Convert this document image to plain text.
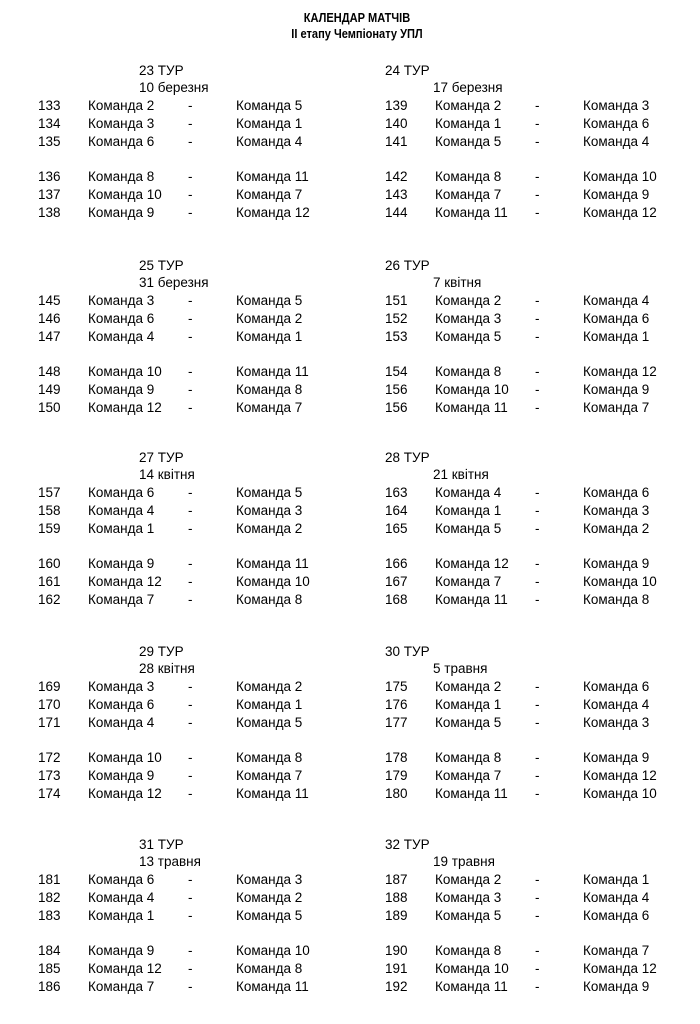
КАЛЕНДАР МАТЧІВ
ІІ етапу Чемпіонату УПЛ
23 ТУР
10 березня
133 Команда 2 -	Команда 5
134 Команда 3 -	Команда 1
135 Команда 6 -	Команда 4
136 Команда 8 -	Команда 11
137 Команда 10 -	Команда 7
138 Команда 9 -	Команда 12
24 ТУР
17 березня
139 Команда 2 -	Команда 3
140 Команда 1 -	Команда 6
141 Команда 5 -	Команда 4
142 Команда 8 -	Команда 10
143 Команда 7 -	Команда 9
144 Команда 11 -	Команда 12
25 ТУР
31 березня
145 Команда 3 -	Команда 5
146 Команда 6 -	Команда 2
147 Команда 4 -	Команда 1
148 Команда 10 -	Команда 11
149 Команда 9 -	Команда 8
150 Команда 12 -	Команда 7
26 ТУР
7 квітня
151 Команда 2 -	Команда 4
152 Команда 3 -	Команда 6
153 Команда 5 -	Команда 1
154 Команда 8 -	Команда 12
156 Команда 10 -	Команда 9
156 Команда 11 -	Команда 7
27 ТУР
14 квітня
157 Команда 6 -	Команда 5
158 Команда 4 -	Команда 3
159 Команда 1 -	Команда 2
160 Команда 9 -	Команда 11
161 Команда 12 -	Команда 10
162 Команда 7 -	Команда 8
28 ТУР
21 квітня
163 Команда 4 -	Команда 6
164 Команда 1 -	Команда 3
165 Команда 5 -	Команда 2
166 Команда 12 -	Команда 9
167 Команда 7 -	Команда 10
168 Команда 11 -	Команда 8
29 ТУР
28 квітня
169 Команда 3 -	Команда 2
170 Команда 6 -	Команда 1
171 Команда 4 -	Команда 5
172 Команда 10 -	Команда 8
173 Команда 9 -	Команда 7
174 Команда 12 -	Команда 11
30 ТУР
5 травня
175 Команда 2 -	Команда 6
176 Команда 1 -	Команда 4
177 Команда 5 -	Команда 3
178 Команда 8 -	Команда 9
179 Команда 7 -	Команда 12
180 Команда 11 -	Команда 10
31 ТУР
13 травня
181 Команда 6 -	Команда 3
182 Команда 4 -	Команда 2
183 Команда 1 -	Команда 5
184 Команда 9 -	Команда 10
185 Команда 12 -	Команда 8
186 Команда 7 -	Команда 11
32 ТУР
19 травня
187 Команда 2 -	Команда 1
188 Команда 3 -	Команда 4
189 Команда 5 -	Команда 6
190 Команда 8 -	Команда 7
191 Команда 10 -	Команда 12
192 Команда 11 -	Команда 9
